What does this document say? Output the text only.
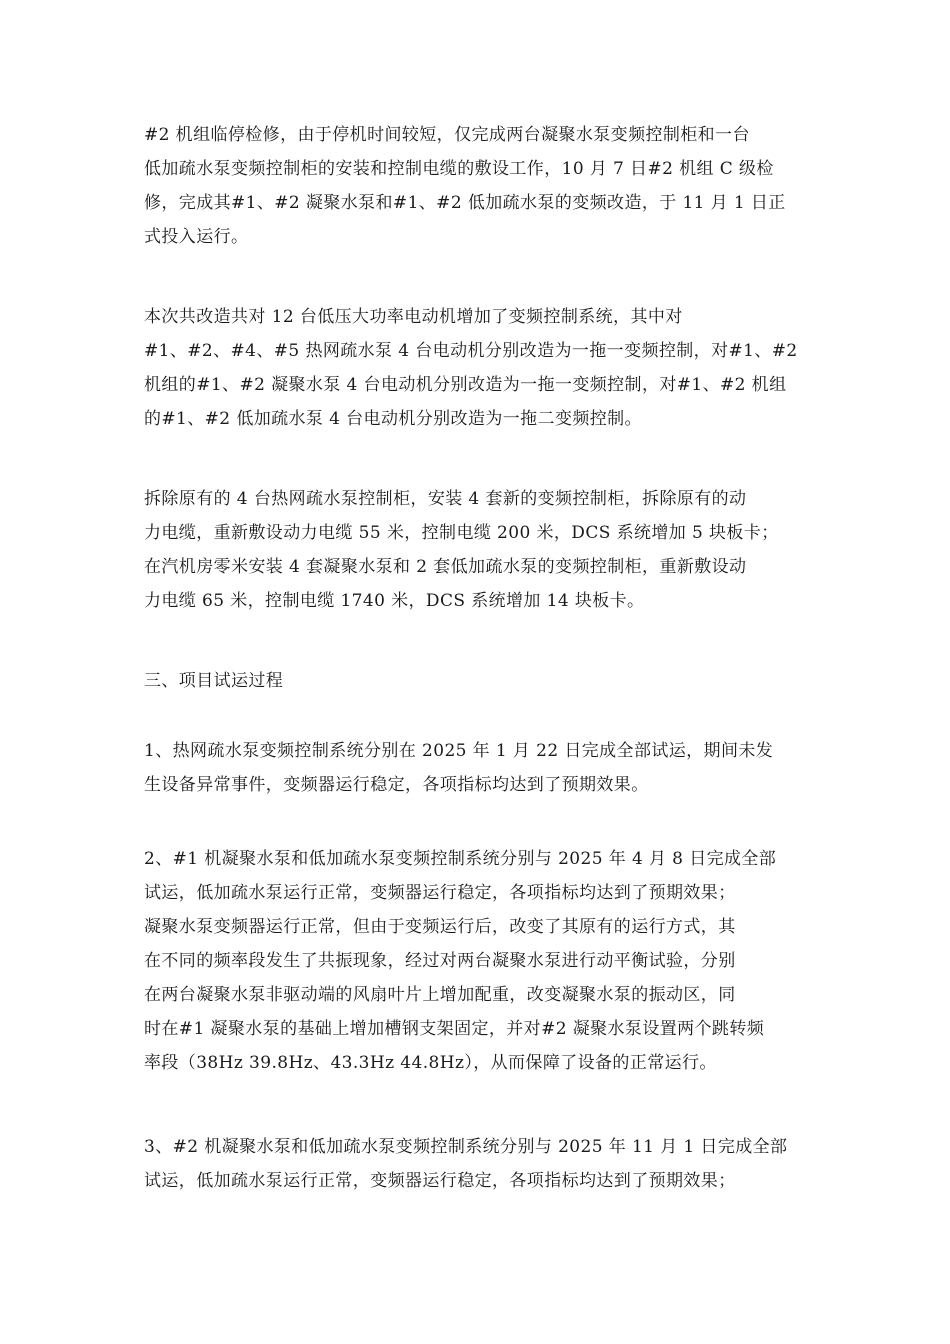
#2 机组临停检修，由于停机时间较短，仅完成两台凝聚水泵变频控制柜和一台
低加疏水泵变频控制柜的安装和控制电缆的敷设工作，10 月 7 日#2 机组 C 级检
修，完成其#1、#2 凝聚水泵和#1、#2 低加疏水泵的变频改造，于 11 月 1 日正
式投入运行。

本次共改造共对 12 台低压大功率电动机增加了变频控制系统，其中对
#1、#2、#4、#5 热网疏水泵 4 台电动机分别改造为一拖一变频控制，对#1、#2
机组的#1、#2 凝聚水泵 4 台电动机分别改造为一拖一变频控制，对#1、#2 机组
的#1、#2 低加疏水泵 4 台电动机分别改造为一拖二变频控制。

拆除原有的 4 台热网疏水泵控制柜，安装 4 套新的变频控制柜，拆除原有的动
力电缆，重新敷设动力电缆 55 米，控制电缆 200 米，DCS 系统增加 5 块板卡；
在汽机房零米安装 4 套凝聚水泵和 2 套低加疏水泵的变频控制柜，重新敷设动
力电缆 65 米，控制电缆 1740 米，DCS 系统增加 14 块板卡。

三、项目试运过程

1、热网疏水泵变频控制系统分别在 2025 年 1 月 22 日完成全部试运，期间未发
生设备异常事件，变频器运行稳定，各项指标均达到了预期效果。

2、#1 机凝聚水泵和低加疏水泵变频控制系统分别与 2025 年 4 月 8 日完成全部
试运，低加疏水泵运行正常，变频器运行稳定，各项指标均达到了预期效果；
凝聚水泵变频器运行正常，但由于变频运行后，改变了其原有的运行方式，其
在不同的频率段发生了共振现象，经过对两台凝聚水泵进行动平衡试验，分别
在两台凝聚水泵非驱动端的风扇叶片上增加配重，改变凝聚水泵的振动区，同
时在#1 凝聚水泵的基础上增加槽钢支架固定，并对#2 凝聚水泵设置两个跳转频
率段（38Hz 39.8Hz、43.3Hz 44.8Hz），从而保障了设备的正常运行。

3、#2 机凝聚水泵和低加疏水泵变频控制系统分别与 2025 年 11 月 1 日完成全部
试运，低加疏水泵运行正常，变频器运行稳定，各项指标均达到了预期效果；
